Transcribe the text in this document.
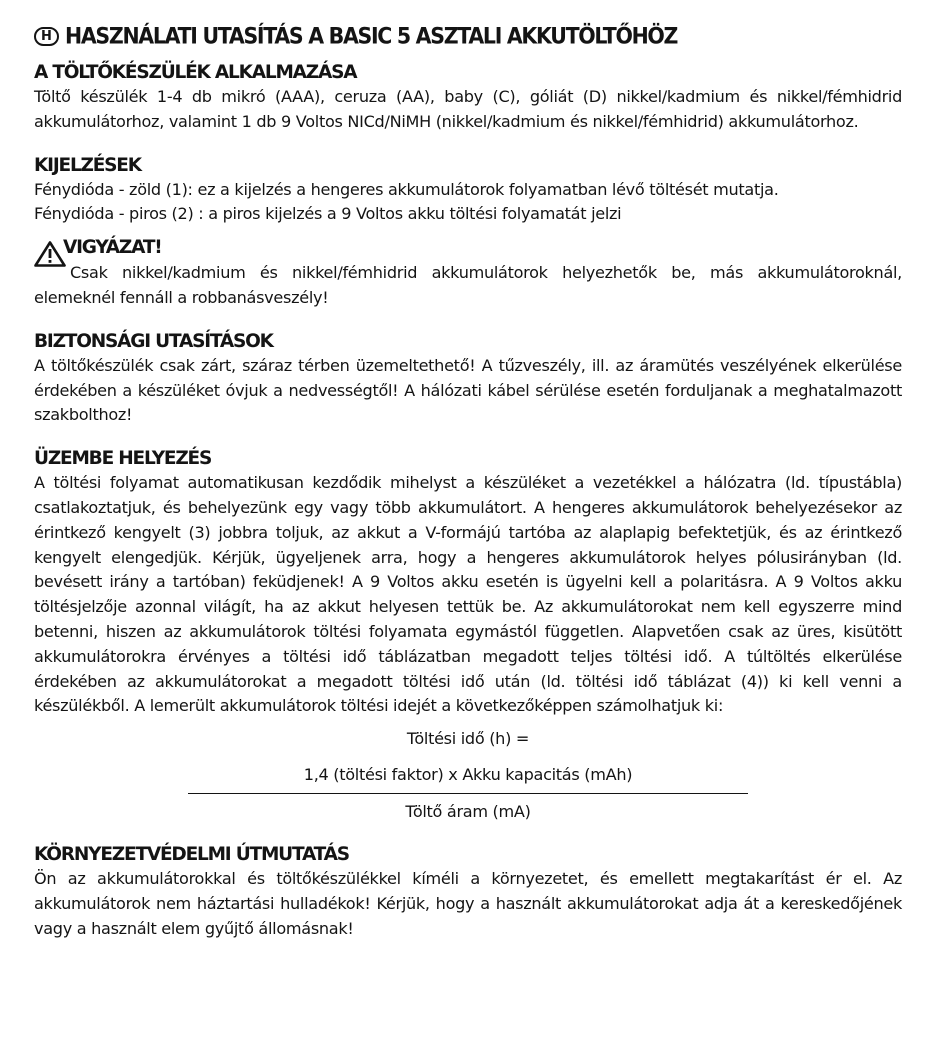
H HASZNÁLATI UTASÍTÁS A BASIC 5 ASZTALI AKKUTÖLTŐHÖZ
A TÖLTŐKÉSZÜLÉK ALKALMAZÁSA

Töltő készülék 1-4 db mikró (AAA), ceruza (AA), baby (C), góliát (D) nikkel/kadmium és nikkel/fémhidrid akkumulátorhoz, valamint 1 db 9 Voltos NICd/NiMH (nikkel/kadmium és nikkel/fémhidrid) akkumulátorhoz.

KIJELZÉSEK

Fénydióda - zöld (1): ez a kijelzés a hengeres akkumulátorok folyamatban lévő töltését mutatja.

Fénydióda - piros (2) : a piros kijelzés a 9 Voltos akku töltési folyamatát jelzi

VIGYÁZAT!

Csak nikkel/kadmium és nikkel/fémhidrid akkumulátorok helyezhetők be, más akkumulátoroknál, elemeknél fennáll a robbanásveszély!

BIZTONSÁGI UTASÍTÁSOK

A töltőkészülék csak zárt, száraz térben üzemeltethető! A tűzveszély, ill. az áramütés veszélyének elkerülése érdekében a készüléket óvjuk a nedvességtől! A hálózati kábel sérülése esetén forduljanak a meghatalmazott szakbolthoz!

ÜZEMBE HELYEZÉS

A töltési folyamat automatikusan kezdődik mihelyst a készüléket a vezetékkel a hálózatra (ld. típustábla) csatlakoztatjuk, és behelyezünk egy vagy több akkumulátort. A hengeres akkumulátorok behelyezésekor az érintkező kengyelt (3) jobbra toljuk, az akkut a V-formájú tartóba az alaplapig befektetjük, és az érintkező kengyelt elengedjük. Kérjük, ügyeljenek arra, hogy a hengeres akkumulátorok helyes pólusirányban (ld. bevésett irány a tartóban) feküdjenek! A 9 Voltos akku esetén is ügyelni kell a polaritásra. A 9 Voltos akku töltésjelzője azonnal világít, ha az akkut helyesen tettük be. Az akkumulátorokat nem kell egyszerre mind betenni, hiszen az akkumulátorok töltési folyamata egymástól független. Alapvetően csak az üres, kisütött akkumulátorokra érvényes a töltési idő táblázatban megadott teljes töltési idő. A túltöltés elkerülése érdekében az akkumulátorokat a megadott töltési idő után (ld. töltési idő táblázat (4)) ki kell venni a készülékből. A lemerült akkumulátorok töltési idejét a következőképpen számolhatjuk ki:

Töltési idő (h) =
1,4 (töltési faktor) x Akku kapacitás (mAh)
Töltő áram (mA)
KÖRNYEZETVÉDELMI ÚTMUTATÁS

Ön az akkumulátorokkal és töltőkészülékkel kíméli a környezetet, és emellett megtakarítást ér el. Az akkumulátorok nem háztartási hulladékok! Kérjük, hogy a használt akkumulátorokat adja át a kereskedőjének vagy a használt elem gyűjtő állomásnak!
